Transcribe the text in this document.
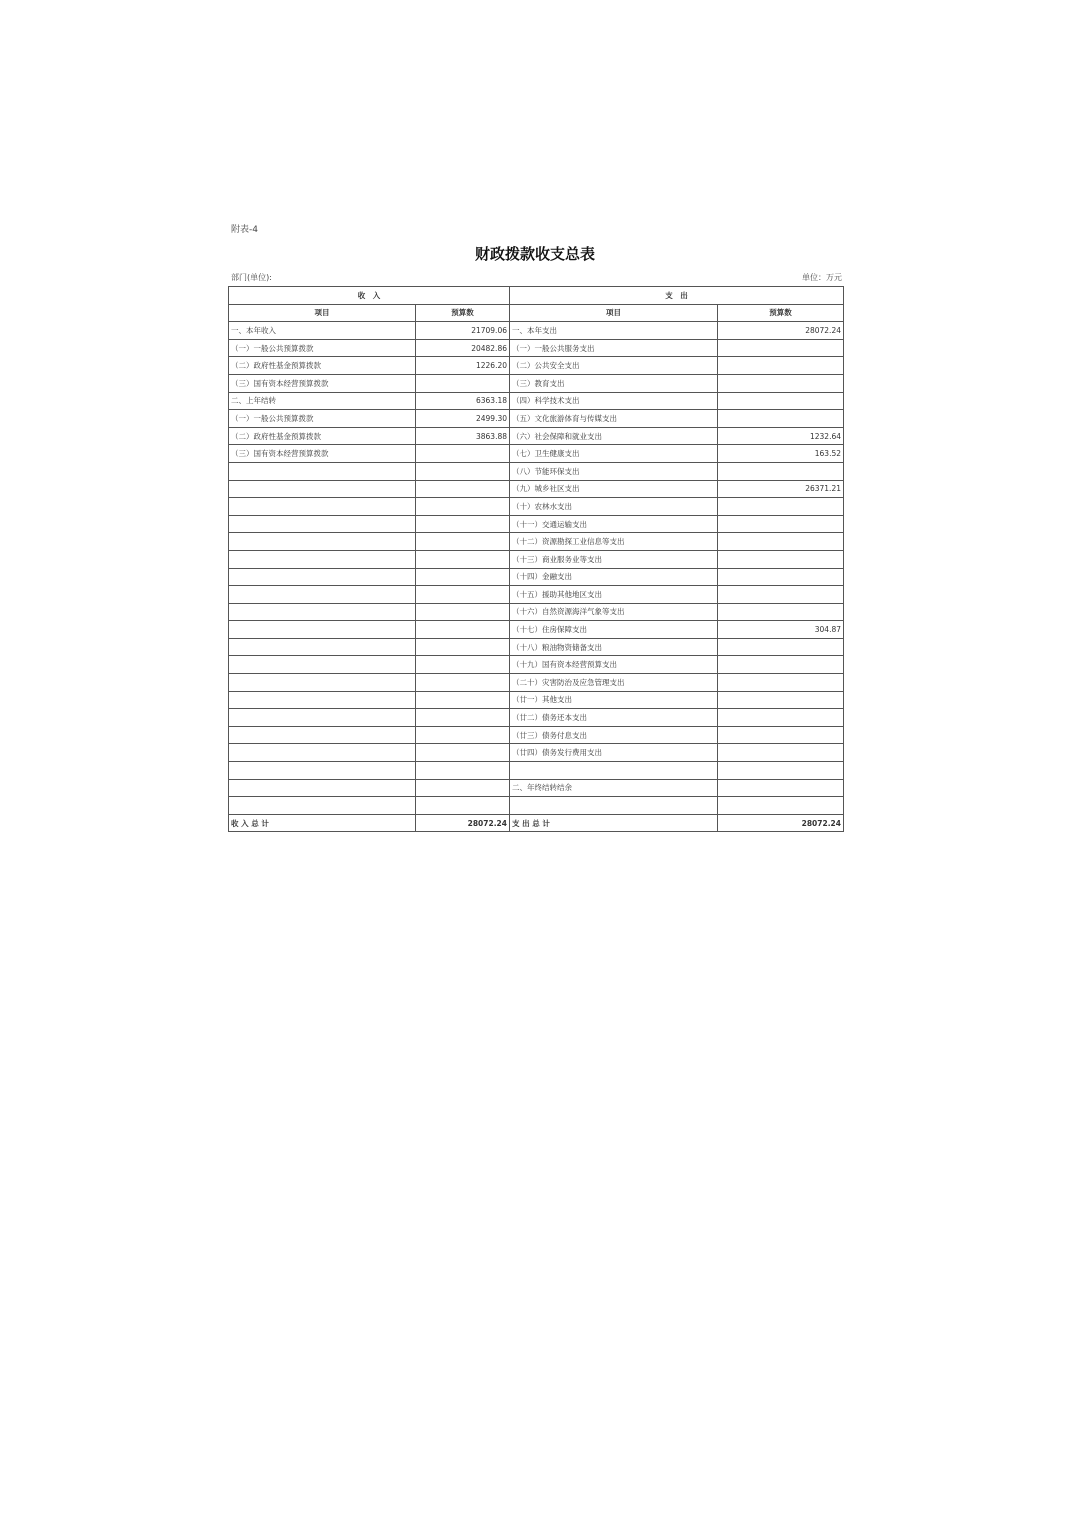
附表-4
财政拨款收支总表
部门(单位):	单位：万元
收　入		支　出	
项目	预算数	项目	预算数
一、本年收入	21709.06	一、本年支出	28072.24
（一）一般公共预算拨款	20482.86	（一）一般公共服务支出	
（二）政府性基金预算拨款	1226.20	（二）公共安全支出	
（三）国有资本经营预算拨款		（三）教育支出	
二、上年结转	6363.18	（四）科学技术支出	
（一）一般公共预算拨款	2499.30	（五）文化旅游体育与传媒支出	
（二）政府性基金预算拨款	3863.88	（六）社会保障和就业支出	1232.64
（三）国有资本经营预算拨款		（七）卫生健康支出	163.52
		（八）节能环保支出	
		（九）城乡社区支出	26371.21
		（十）农林水支出	
		（十一）交通运输支出	
		（十二）资源勘探工业信息等支出	
		（十三）商业服务业等支出	
		（十四）金融支出	
		（十五）援助其他地区支出	
		（十六）自然资源海洋气象等支出	
		（十七）住房保障支出	304.87
		（十八）粮油物资储备支出	
		（十九）国有资本经营预算支出	
		（二十）灾害防治及应急管理支出	
		（廿一）其他支出	
		（廿二）债务还本支出	
		（廿三）债务付息支出	
		（廿四）债务发行费用支出	

		二、年终结转结余	

收 入 总 计	28072.24	支 出 总 计	28072.24
